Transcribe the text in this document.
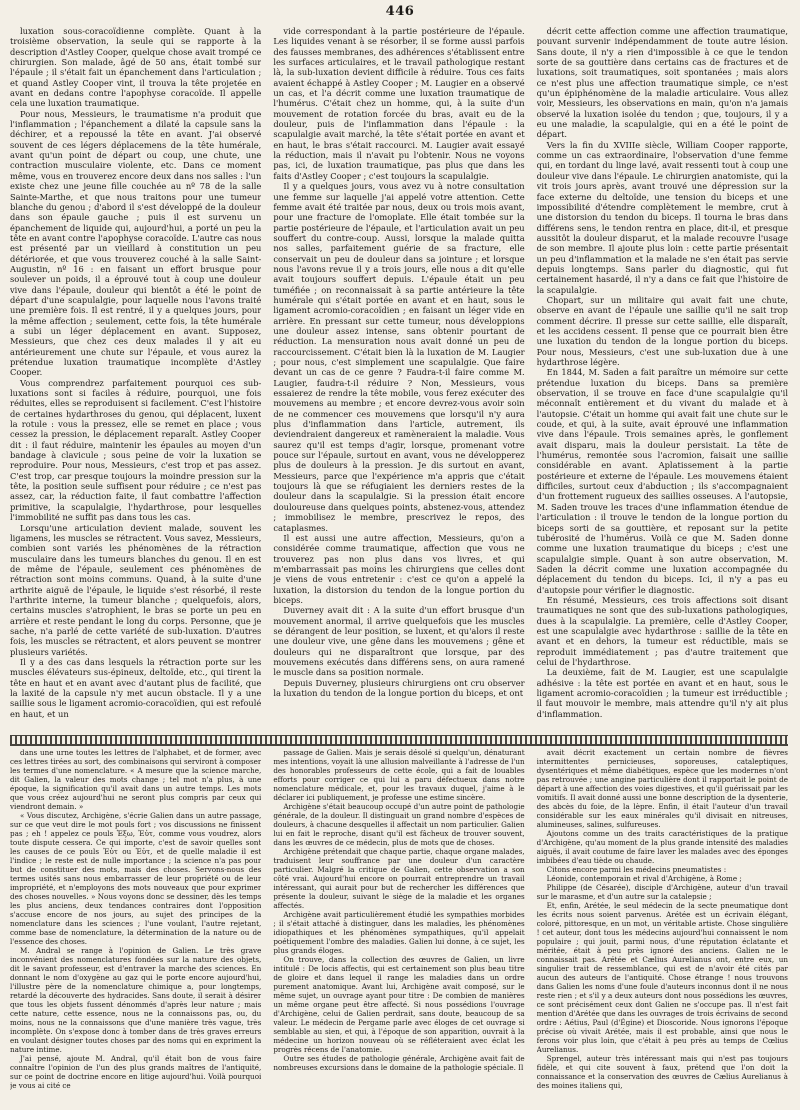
446

luxation sous-coracoïdienne complète. Quant à la troisième observation, la seule qui se rapporte à la description d'Astley Cooper, quelque chose avait trompé ce chirurgien. Son malade, âgé de 50 ans, était tombé sur l'épaule ; il s'était fait un épanchement dans l'articulation ; et quand Astley Cooper vint, il trouva la tête projetée en avant en dedans contre l'apophyse coracoïde. Il appelle cela une luxation traumatique.

Pour nous, Messieurs, le traumatisme n'a produit que l'inflammation ; l'épanchement a dilaté la capsule sans la déchirer, et a repoussé la tête en avant. J'ai observé souvent de ces légers déplacemens de la tête humérale, avant qu'un point de départ ou coup, une chute, une contraction musculaire violente, etc. Dans ce moment même, vous en trouverez encore deux dans nos salles : l'un existe chez une jeune fille couchée au nº 78 de la salle Sainte-Marthe, et que nous traitons pour une tumeur blanche du genou ; d'abord il s'est développé de la douleur dans son épaule gauche ; puis il est survenu un épanchement de liquide qui, aujourd'hui, a porté un peu la tête en avant contre l'apophyse coracoïde. L'autre cas nous est présenté par un vieillard à constitution un peu détériorée, et que vous trouverez couché à la salle Saint-Augustin, nº 16 : en faisant un effort brusque pour soulever un poids, il a éprouvé tout à coup une douleur vive dans l'épaule, douleur qui bientôt a été le point de départ d'une scapulalgie, pour laquelle nous l'avons traité une première fois. Il est rentré, il y a quelques jours, pour la même affection ; seulement, cette fois, la tête humérale a subi un léger déplacement en avant. Supposez, Messieurs, que chez ces deux malades il y ait eu antérieurement une chute sur l'épaule, et vous aurez la prétendue luxation traumatique incomplète d'Astley Cooper.

Vous comprendrez parfaitement pourquoi ces sub-luxations sont si faciles à réduire, pourquoi, une fois réduites, elles se reproduisent si facilement. C'est l'histoire de certaines hydarthroses du genou, qui déplacent, luxent la rotule : vous la pressez, elle se remet en place ; vous cessez la pression, le déplacement reparaît. Astley Cooper dit : il faut réduire, maintenir les épaules au moyen d'un bandage à clavicule ; sous peine de voir la luxation se reproduire. Pour nous, Messieurs, c'est trop et pas assez. C'est trop, car presque toujours la moindre pression sur la tête, la position seule suffisent pour réduire ; ce n'est pas assez, car, la réduction faite, il faut combattre l'affection primitive, la scapulalgie, l'hydarthrose, pour lesquelles l'immobilité ne suffit pas dans tous les cas.

Lorsqu'une articulation devient malade, souvent les ligamens, les muscles se rétractent. Vous savez, Messieurs, combien sont variés les phénomènes de la rétraction musculaire dans les tumeurs blanches du genou. Il en est de même de l'épaule, seulement ces phénomènes de rétraction sont moins communs. Quand, à la suite d'une arthrite aiguë de l'épaule, le liquide s'est résorbé, il reste l'arthrite interne, la tumeur blanche ; quelquefois, alors, certains muscles s'atrophient, le bras se porte un peu en arrière et reste pendant le long du corps. Personne, que je sache, n'a parlé de cette variété de sub-luxation. D'autres fois, les muscles se rétractent, et alors peuvent se montrer plusieurs variétés.

Il y a des cas dans lesquels la rétraction porte sur les muscles élévateurs sus-épineux, deltoïde, etc., qui tirent la tête en haut et en avant avec d'autant plus de facilité, que la laxité de la capsule n'y met aucun obstacle. Il y a une saillie sous le ligament acromio-coracoïdien, qui est refoulé en haut, et un

vide correspondant à la partie postérieure de l'épaule. Les liquides venant à se résorber, il se forme aussi parfois des fausses membranes, des adhérences s'établissent entre les surfaces articulaires, et le travail pathologique restant là, la sub-luxation devient difficile à réduire. Tous ces faits avaient échappé à Astley Cooper ; M. Laugier en a observé un cas, et l'a décrit comme une luxation traumatique de l'humérus. C'était chez un homme, qui, à la suite d'un mouvement de rotation forcée du bras, avait eu de la douleur, puis de l'inflammation dans l'épaule : la scapulalgie avait marché, la tête s'était portée en avant et en haut, le bras s'était raccourci. M. Laugier avait essayé la réduction, mais il n'avait pu l'obtenir. Nous ne voyons pas, ici, de luxation traumatique, pas plus que dans les faits d'Astley Cooper ; c'est toujours la scapulalgie.

Il y a quelques jours, vous avez vu à notre consultation une femme sur laquelle j'ai appelé votre attention. Cette femme avait été traitée par nous, deux ou trois mois avant, pour une fracture de l'omoplate. Elle était tombée sur la partie postérieure de l'épaule, et l'articulation avait un peu souffert du contre-coup. Aussi, lorsque la malade quitta nos salles, parfaitement guérie de sa fracture, elle conservait un peu de douleur dans sa jointure ; et lorsque nous l'avons revue il y a trois jours, elle nous a dit qu'elle avait toujours souffert depuis. L'épaule était un peu tuméfiée ; on reconnaissait à sa partie antérieure la tête humérale qui s'était portée en avant et en haut, sous le ligament acromio-coracoïdien ; en faisant un léger vide en arrière. En pressant sur cette tumeur, nous développions une douleur assez intense, sans obtenir pourtant de réduction. La mensuration nous avait donné un peu de raccourcissement. C'était bien là la luxation de M. Laugier ; pour nous, c'est simplement une scapulalgie. Que faire devant un cas de ce genre ? Faudra-t-il faire comme M. Laugier, faudra-t-il réduire ? Non, Messieurs, vous essaierez de rendre la tête mobile, vous ferez exécuter des mouvemens au membre ; et encore devrez-vous avoir soin de ne commencer ces mouvemens que lorsqu'il n'y aura plus d'inflammation dans l'article, autrement, ils deviendraient dangereux et ramèneraient la maladie. Vous saurez qu'il est temps d'agir, lorsque, promenant votre pouce sur l'épaule, surtout en avant, vous ne développerez plus de douleurs à la pression. Je dis surtout en avant, Messieurs, parce que l'expérience m'a appris que c'était toujours là que se réfugiaient les derniers restes de la douleur dans la scapulalgie. Si la pression était encore douloureuse dans quelques points, abstenez-vous, attendez ; immobilisez le membre, prescrivez le repos, des cataplasmes.

Il est aussi une autre affection, Messieurs, qu'on a considérée comme traumatique, affection que vous ne trouverez pas non plus dans vos livres, et qui m'embarrassait pas moins les chirurgiens que celles dont je viens de vous entretenir : c'est ce qu'on a appelé la luxation, la distorsion du tendon de la longue portion du biceps.

Duverney avait dit : A la suite d'un effort brusque d'un mouvement anormal, il arrive quelquefois que les muscles se dérangent de leur position, se luxent, et qu'alors il reste une douleur vive, une gêne dans les mouvemens ; gêne et douleurs qui ne disparaîtront que lorsque, par des mouvemens exécutés dans différens sens, on aura ramené le muscle dans sa position normale.

Depuis Duverney, plusieurs chirurgiens ont cru observer la luxation du tendon de la longue portion du biceps, et ont

décrit cette affection comme une affection traumatique, pouvant survenir indépendamment de toute autre lésion. Sans doute, il n'y a rien d'impossible à ce que le tendon sorte de sa gouttière dans certains cas de fractures et de luxations, soit traumatiques, soit spontanées ; mais alors ce n'est plus une affection traumatique simple, ce n'est qu'un épiphénomène de la maladie articulaire. Vous allez voir, Messieurs, les observations en main, qu'on n'a jamais observé la luxation isolée du tendon ; que, toujours, il y a eu une maladie, la scapulalgie, qui en a été le point de départ.

Vers la fin du XVIIIe siècle, William Cooper rapporte, comme un cas extraordinaire, l'observation d'une femme qui, en tordant du linge lavé, avait ressenti tout à coup une douleur vive dans l'épaule. Le chirurgien anatomiste, qui la vit trois jours après, avant trouvé une dépression sur la face externe du deltoïde, une tension du biceps et une impossibilité d'étendre complètement le membre, crut à une distorsion du tendon du biceps. Il tourna le bras dans différens sens, le tendon rentra en place, dit-il, et presque aussitôt la douleur disparut, et la malade recouvre l'usage de son membre. Il ajoute plus loin : cette partie présentait un peu d'inflammation et la malade ne s'en était pas servie depuis longtemps. Sans parler du diagnostic, qui fut certainement hasardé, il n'y a dans ce fait que l'histoire de la scapulalgie.

Chopart, sur un militaire qui avait fait une chute, observe en avant de l'épaule une saillie qu'il ne sait trop comment décrire. Il presse sur cette saillie, elle disparaît, et les accidens cessent. Il pense que ce pourrait bien être une luxation du tendon de la longue portion du biceps. Pour nous, Messieurs, c'est une sub-luxation due à une hydarthrose légère.

En 1844, M. Saden a fait paraître un mémoire sur cette prétendue luxation du biceps. Dans sa première observation, il se trouve en face d'une scapulalgie qu'il méconnaît entièrement et du vivant du malade et à l'autopsie. C'était un homme qui avait fait une chute sur le coude, et qui, à la suite, avait éprouvé une inflammation vive dans l'épaule. Trois semaines après, le gonflement avait disparu, mais la douleur persistait. La tête de l'humérus, remontée sous l'acromion, faisait une saillie considérable en avant. Aplatissement à la partie postérieure et externe de l'épaule. Les mouvemens étaient difficiles, surtout ceux d'abduction ; ils s'accompagnaient d'un frottement rugueux des saillies osseuses. A l'autopsie, M. Saden trouve les traces d'une inflammation étendue de l'articulation : il trouve le tendon de la longue portion du biceps sorti de sa gouttière, et reposant sur la petite tubérosité de l'humérus. Voilà ce que M. Saden donne comme une luxation traumatique du biceps ; c'est une scapulalgie simple. Quant à son autre observation, M. Saden la décrit comme une luxation accompagnée du déplacement du tendon du biceps. Ici, il n'y a pas eu d'autopsie pour vérifier le diagnostic.

En résumé, Messieurs, ces trois affections soit disant traumatiques ne sont que des sub-luxations pathologiques, dues à la scapulalgie. La première, celle d'Astley Cooper, est une scapulalgie avec hydarthrose : saillie de la tête en avant et en dehors, la tumeur est réductible, mais se reproduit immédiatement ; pas d'autre traitement que celui de l'hydarthrose.

La deuxième, fait de M. Laugier, est une scapulalgie adhésive : la tête est portée en avant et en haut, sous le ligament acromio-coracoïdien ; la tumeur est irréductible ; il faut mouvoir le membre, mais attendre qu'il n'y ait plus d'inflammation.

dans une urne toutes les lettres de l'alphabet, et de former, avec ces lettres tirées au sort, des combinaisons qui serviront à composer les termes d'une nomenclature. « A mesure que la science marche, dit Galien, la valeur des mots change ; tel mot n'a plus, à une époque, la signification qu'il avait dans un autre temps. Les mots que vous créez aujourd'hui ne seront plus compris par ceux qui viendront demain. »

« Vous discutez, Archigène, s'écrie Galien dans un autre passage, sur ce que veut dire le mot pouls fort ; vos discussions ne finissent pas ; eh ! appelez ce pouls Ἐξω, Ἐὐτ, comme vous voudrez, alors toute dispute cessera. Ce qui importe, c'est de savoir quelles sont les causes de ce pouls Ἐὐτ ou Ἐὐτ, et de quelle maladie il est l'indice ; le reste est de nulle importance ; la science n'a pas pour but de constituer des mots, mais des choses. Servons-nous des termes usités sans nous embarrasser de leur propriété ou de leur impropriété, et n'employons des mots nouveaux que pour exprimer des choses nouvelles. » Nous voyons donc se dessiner, dès les temps les plus anciens, deux tendances contraires dont l'opposition s'accuse encore de nos jours, au sujet des principes de la nomenclature dans les sciences ; l'une voulant, l'autre rejetant, comme base de nomenclature, la détermination de la nature ou de l'essence des choses.

M. Andral se range à l'opinion de Galien. Le très grave inconvénient des nomenclatures fondées sur la nature des objets, dit le savant professeur, est d'entraver la marche des sciences. En donnant le nom d'oxygène au gaz qui le porte encore aujourd'hui, l'illustre père de la nomenclature chimique a, pour longtemps, retardé la découverte des hydracides. Sans doute, il serait à désirer que tous les objets fussent dénommés d'après leur nature ; mais cette nature, cette essence, nous ne la connaissons pas, ou, du moins, nous ne la connaissons que d'une manière très vague, très incomplète. On s'expose donc à tomber dans de très graves erreurs en voulant désigner toutes choses par des noms qui en expriment la nature intime.

J'ai pensé, ajoute M. Andral, qu'il était bon de vous faire connaître l'opinion de l'un des plus grands maîtres de l'antiquité, sur ce point de doctrine encore en litige aujourd'hui. Voilà pourquoi je vous ai cité ce

passage de Galien. Mais je serais désolé si quelqu'un, dénaturant mes intentions, voyait là une allusion malveillante à l'adresse de l'un des honorables professeurs de cette école, qui a fait de louables efforts pour corriger ce qui lui a paru défectueux dans notre nomenclature médicale, et, pour les travaux duquel, j'aime à le déclarer ici publiquement, je professe une estime sincère.

Archigène s'était beaucoup occupé d'un autre point de pathologie générale, de la douleur. Il distinguait un grand nombre d'espèces de douleurs, à chacune desquelles il affectait un nom particulier. Galien lui en fait le reproche, disant qu'il est fâcheux de trouver souvent, dans les œuvres de ce médecin, plus de mots que de choses.

Archigène prétendait que chaque partie, chaque organe malades, traduisent leur souffrance par une douleur d'un caractère particulier. Malgré la critique de Galien, cette observation a son côté vrai. Aujourd'hui encore on pourrait entreprendre un travail intéressant, qui aurait pour but de rechercher les différences que présente la douleur, suivant le siège de la maladie et les organes affectés.

Archigène avait particulièrement étudié les sympathies morbides ; il s'était attaché à distinguer, dans les maladies, les phénomènes idiopathiques et les phénomènes sympathiques, qu'il appelait poétiquement l'ombre des maladies. Galien lui donne, à ce sujet, les plus grands éloges.

On trouve, dans la collection des œuvres de Galien, un livre intitulé : De locis affectis, qui est certainement son plus beau titre de gloire et dans lequel il range les maladies dans un ordre purement anatomique. Avant lui, Archigène avait composé, sur le même sujet, un ouvrage ayant pour titre : De combien de manières un même organe peut être affecté. Si nous possédions l'ouvrage d'Archigène, celui de Galien perdrait, sans doute, beaucoup de sa valeur. Le médecin de Pergame parle avec éloges de cet ouvrage si semblable au sien, et qui, à l'époque de son apparition, ouvrait à la médecine un horizon nouveau où se réfléteraient avec éclat les progrès récens de l'anatomie.

Outre ses études de pathologie générale, Archigène avait fait de nombreuses excursions dans le domaine de la pathologie spéciale. Il

avait décrit exactement un certain nombre de fièvres intermittentes pernicieuses, soporeuses, cataleptiques, dysentériques et même diabétiques, espèce que les modernes n'ont pas retrouvée ; une angine particulière dont il rapportait le point de départ à une affection des voies digestives, et qu'il guérissait par les vomitifs. Il avait donné aussi une bonne description de la dysenterie, des abcès du foie, de la lèpre. Enfin, il était l'auteur d'un travail considérable sur les eaux minérales qu'il divisait en nitreuses, alumineuses, salines, sulfureuses.

Ajoutons comme un des traits caractéristiques de la pratique d'Archigène, qu'au moment de la plus grande intensité des maladies aiguës, il avait coutume de faire laver les malades avec des éponges imbibées d'eau tiède ou chaude.

Citons encore parmi les médecins pneumatistes :

Léonide, contemporain et rival d'Archigène, à Rome ;

Philippe (de Césarée), disciple d'Archigène, auteur d'un travail sur le marasme, et d'un autre sur la catalepsie ;

Et, enfin, Arétée, le seul médecin de la secte pneumatique dont les écrits nous soient parvenus. Arétée est un écrivain élégant, coloré, pittoresque, en un mot, un véritable artiste. Chose singulière ! cet auteur, dont tous les médecins aujourd'hui connaissent le nom populaire ; qui jouit, parmi nous, d'une réputation éclatante et méritée, était à peu près ignoré des anciens. Galien ne le connaissait pas. Arétée et Cælius Aurelianus ont, entre eux, un singulier trait de ressemblance, qui est de n'avoir été cités par aucun des auteurs de l'antiquité. Chose étrange ! nous trouvons dans Galien les noms d'une foule d'auteurs inconnus dont il ne nous reste rien ; et s'il y a deux auteurs dont nous possédions les œuvres, ce sont précisément ceux dont Galien ne s'occupe pas. Il n'est fait mention d'Arétée que dans les ouvrages de trois écrivains de second ordre : Aétius, Paul (d'Égine) et Dioscoride. Nous ignorons l'époque précise où vivait Arétée, mais il est probable, ainsi que nous le ferons voir plus loin, que c'était à peu près au temps de Cœlius Aurelianus.

Sprengel, auteur très intéressant mais qui n'est pas toujours fidèle, et qui cite souvent à faux, prétend que l'on doit la connaissance et la conservation des œuvres de Cælius Aurelianus à des moines italiens qui,
